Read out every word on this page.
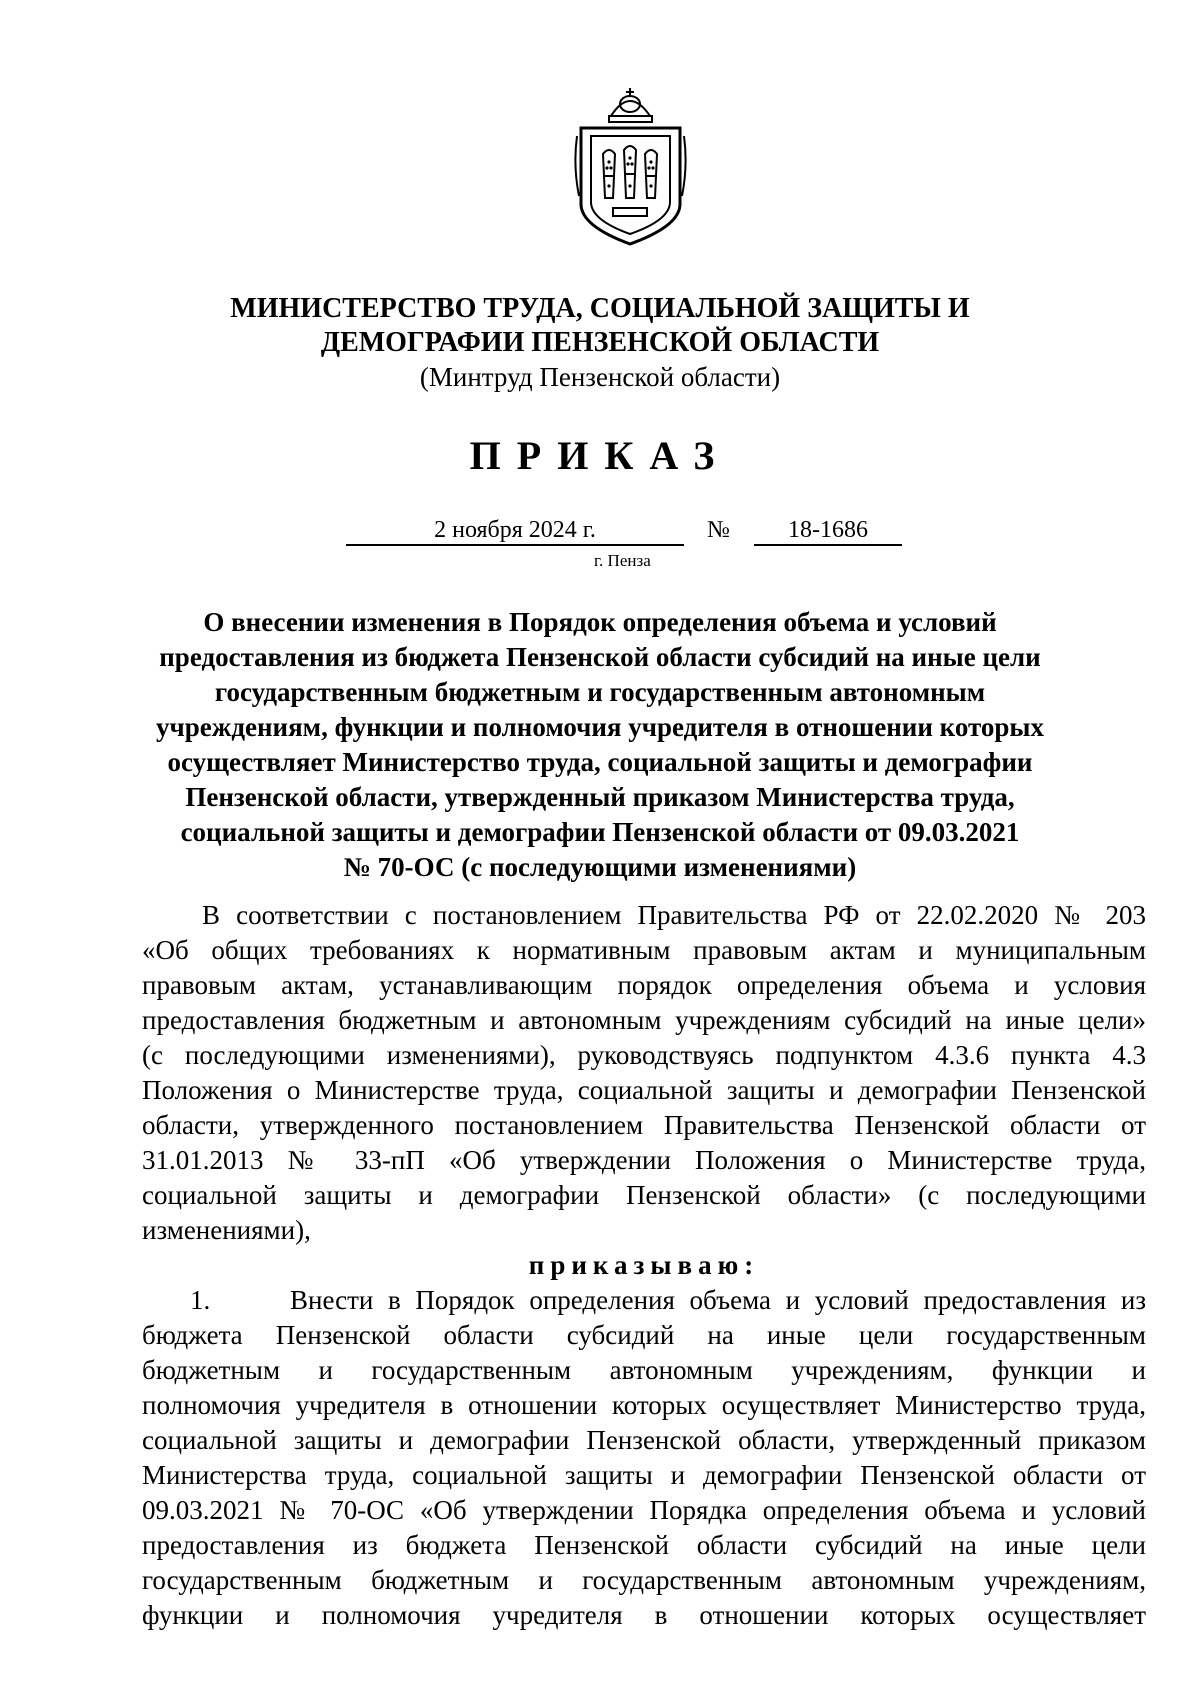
МИНИСТЕРСТВО ТРУДА, СОЦИАЛЬНОЙ ЗАЩИТЫ И
ДЕМОГРАФИИ ПЕНЗЕНСКОЙ ОБЛАСТИ
(Минтруд Пензенской области)
ПРИКАЗ
2 ноября 2024 г.	№	18-1686
г. Пенза
О внесении изменения в Порядок определения объема и условий
предоставления из бюджета Пензенской области субсидий на иные цели
государственным бюджетным и государственным автономным
учреждениям, функции и полномочия учредителя в отношении которых
осуществляет Министерство труда, социальной защиты и демографии
Пензенской области, утвержденный приказом Министерства труда,
социальной защиты и демографии Пензенской области от 09.03.2021
№ 70-ОС (с последующими изменениями)
В соответствии с постановлением Правительства РФ от 22.02.2020 № 203
«Об общих требованиях к нормативным правовым актам и муниципальным
правовым актам, устанавливающим порядок определения объема и условия
предоставления бюджетным и автономным учреждениям субсидий на иные цели»
(с последующими изменениями), руководствуясь подпунктом 4.3.6 пункта 4.3
Положения о Министерстве труда, социальной защиты и демографии Пензенской
области, утвержденного постановлением Правительства Пензенской области от
31.01.2013 № 33-пП «Об утверждении Положения о Министерстве труда,
социальной защиты и демографии Пензенской области» (с последующими
изменениями),
приказываю:
1.	Внести в Порядок определения объема и условий предоставления из
бюджета Пензенской области субсидий на иные цели государственным
бюджетным и государственным автономным учреждениям, функции и
полномочия учредителя в отношении которых осуществляет Министерство труда,
социальной защиты и демографии Пензенской области, утвержденный приказом
Министерства труда, социальной защиты и демографии Пензенской области от
09.03.2021 № 70-ОС «Об утверждении Порядка определения объема и условий
предоставления из бюджета Пензенской области субсидий на иные цели
государственным бюджетным и государственным автономным учреждениям,
функции и полномочия учредителя в отношении которых осуществляет
